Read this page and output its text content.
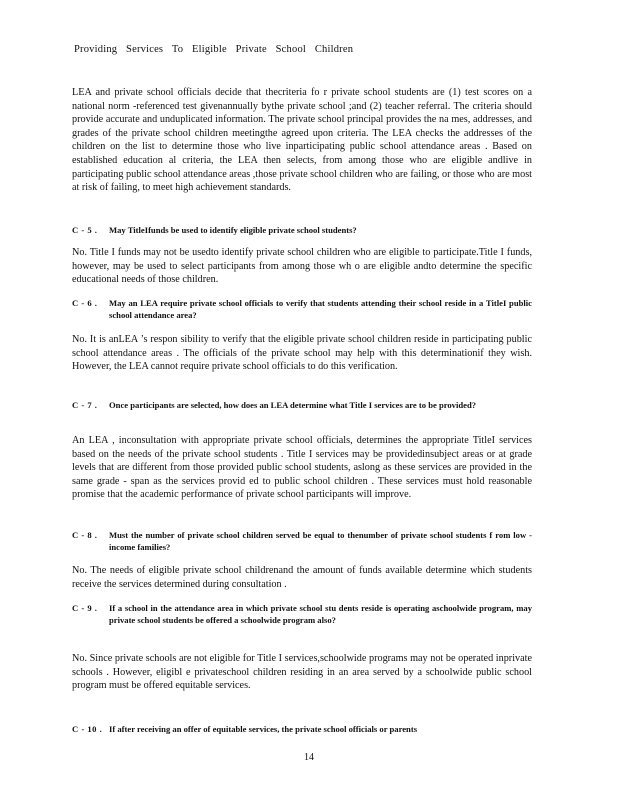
Providing Services To Eligible Private School Children
LEA and private school officials decide that thecriteria fo r private school students are (1) test scores on a national norm -referenced test givenannually bythe private school ;and (2) teacher referral. The criteria should provide accurate and unduplicated information. The private school principal provides the na mes, addresses, and grades of the private school children meetingthe agreed upon criteria. The LEA checks the addresses of the children on the list to determine those who live inparticipating public school attendance areas . Based on established education al criteria, the LEA then selects, from among those who are eligible andlive in participating public school attendance areas ,those private school children who are failing, or those who are most at risk of failing, to meet high achievement standards.
C - 5 . May TitleIfunds be used to identify eligible private school students?
No. Title I funds may not be usedto identify private school children who are eligible to participate.Title I funds, however, may be used to select participants from among those wh o are eligible andto determine the specific educational needs of those children.
C - 6 . May an LEA require private school officials to verify that students attending their school reside in a TitleI public school attendance area?
No. It is anLEA ’s respon sibility to verify that the eligible private school children reside in participating public school attendance areas . The officials of the private school may help with this determinationif they wish. However, the LEA cannot require private school officials to do this verification.
C - 7 . Once participants are selected, how does an LEA determine what Title I services are to be provided?
An LEA , inconsultation with appropriate private school officials, determines the appropriate TitleI services based on the needs of the private school students . Title I services may be providedinsubject areas or at grade levels that are different from those provided public school students, aslong as these services are provided in the same grade - span as the services provid ed to public school children . These services must hold reasonable promise that the academic performance of private school participants will improve.
C - 8 . Must the number of private school children served be equal to thenumber of private school students f rom low - income families?
No. The needs of eligible private school childrenand the amount of funds available determine which students receive the services determined during consultation .
C - 9 . If a school in the attendance area in which private school stu dents reside is operating aschoolwide program, may private school students be offered a schoolwide program also?
No. Since private schools are not eligible for Title I services,schoolwide programs may not be operated inprivate schools . However, eligibl e privateschool children residing in an area served by a schoolwide public school program must be offered equitable services.
C - 10 . If after receiving an offer of equitable services, the private school officials or parents
14
